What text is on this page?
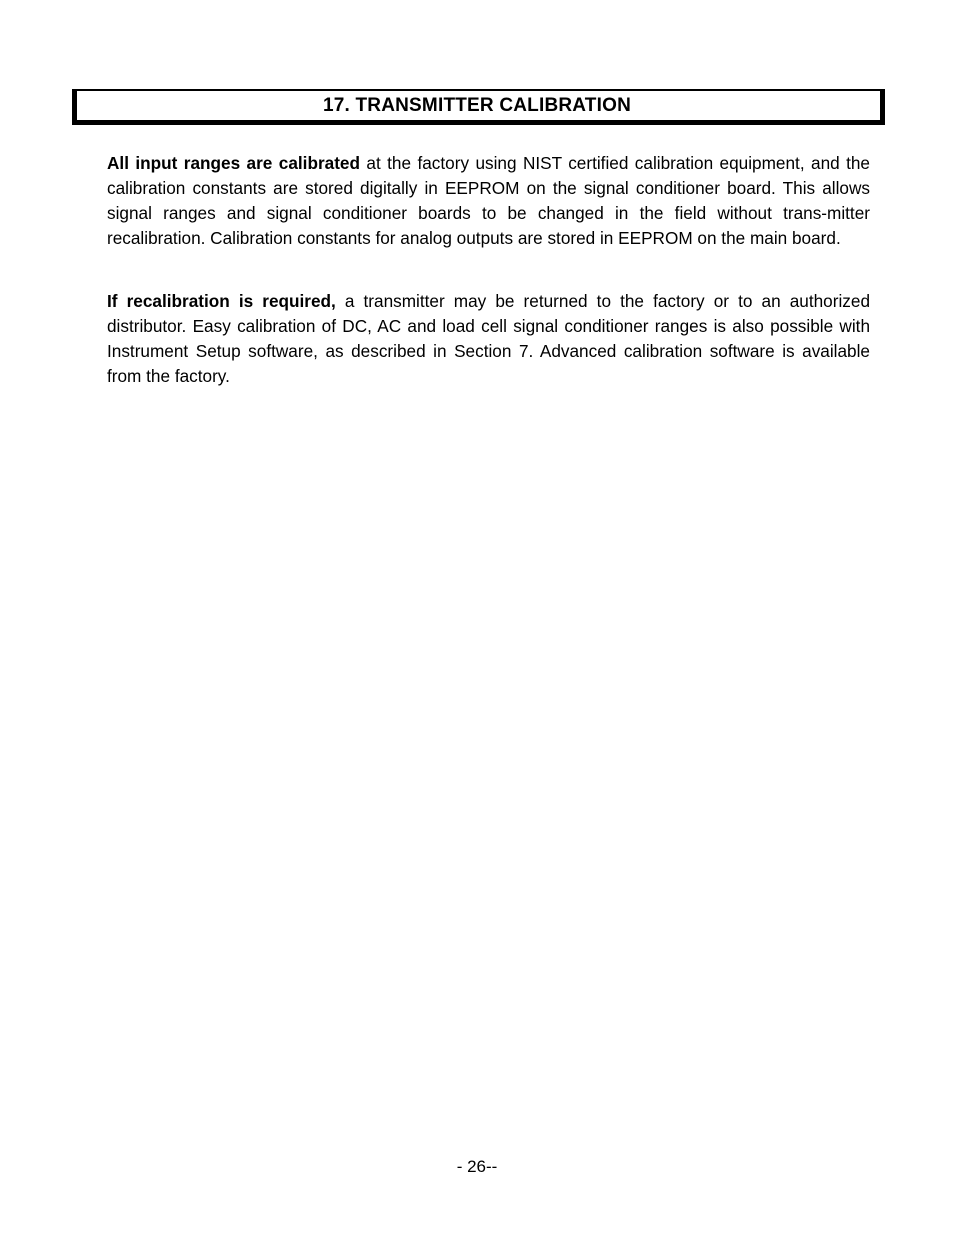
17. TRANSMITTER CALIBRATION
All input ranges are calibrated at the factory using NIST certified calibration equipment, and the calibration constants are stored digitally in EEPROM on the signal conditioner board. This allows signal ranges and signal conditioner boards to be changed in the field without trans-mitter recalibration. Calibration constants for analog outputs are stored in EEPROM on the main board.
If recalibration is required, a transmitter may be returned to the factory or to an authorized distributor. Easy calibration of DC, AC and load cell signal conditioner ranges is also possible with Instrument Setup software, as described in Section 7. Advanced calibration software is available from the factory.
- 26--
